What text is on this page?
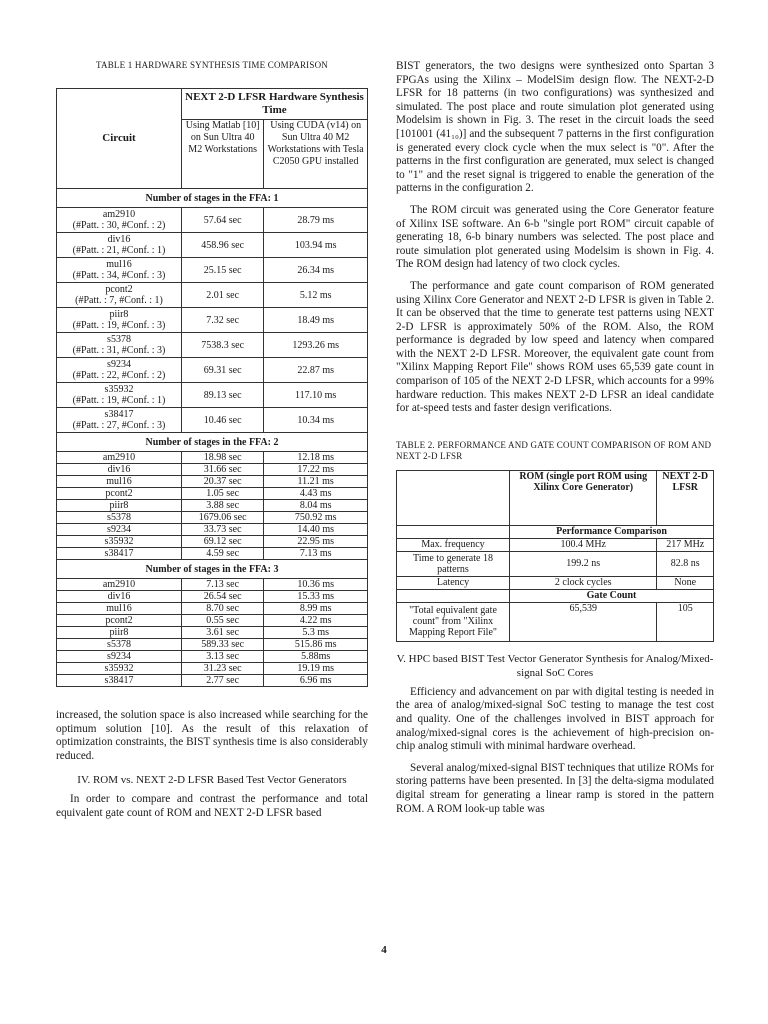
TABLE 1 HARDWARE SYNTHESIS TIME COMPARISON
Circuit	NEXT 2-D LFSR Hardware Synthesis Time	
	Using Matlab [10] on Sun Ultra 40 M2 Workstations	Using CUDA (v14) on Sun Ultra 40 M2 Workstations with Tesla C2050 GPU installed
Number of stages in the FFA: 1		

am2910
(#Patt. : 30, #Conf. : 2)	57.64 sec	28.79 ms

div16
(#Patt. : 21, #Conf. : 1)	458.96 sec	103.94 ms

mul16
(#Patt. : 34, #Conf. : 3)	25.15 sec	26.34 ms

pcont2
(#Patt. : 7, #Conf. : 1)	2.01 sec	5.12 ms

piir8
(#Patt. : 19, #Conf. : 3)	7.32 sec	18.49 ms

s5378
(#Patt. : 31, #Conf. : 3)	7538.3 sec	1293.26 ms

s9234
(#Patt. : 22, #Conf. : 2)	69.31 sec	22.87 ms

s35932
(#Patt. : 19, #Conf. : 1)	89.13 sec	117.10 ms

s38417
(#Patt. : 27, #Conf. : 3)	10.46 sec	10.34 ms
Number of stages in the FFA: 2		

am2910	18.98 sec	12.18 ms

div16	31.66 sec	17.22 ms

mul16	20.37 sec	11.21 ms

pcont2	1.05 sec	4.43 ms

piir8	3.88 sec	8.04 ms

s5378	1679.06 sec	750.92 ms

s9234	33.73 sec	14.40 ms

s35932	69.12 sec	22.95 ms

s38417	4.59 sec	7.13 ms
Number of stages in the FFA: 3		

am2910	7.13 sec	10.36 ms

div16	26.54 sec	15.33 ms

mul16	8.70 sec	8.99 ms

pcont2	0.55 sec	4.22 ms

piir8	3.61 sec	5.3 ms

s5378	589.33 sec	515.86 ms

s9234	3.13 sec	5.88ms

s35932	31.23 sec	19.19 ms

s38417	2.77 sec	6.96 ms

increased, the solution space is also increased while searching for the optimum solution [10]. As the result of this relaxation of optimization constraints, the BIST synthesis time is also considerably reduced.

IV. ROM vs. NEXT 2-D LFSR Based Test Vector Generators

In order to compare and contrast the performance and total equivalent gate count of ROM and NEXT 2-D LFSR based

BIST generators, the two designs were synthesized onto Spartan 3 FPGAs using the Xilinx – ModelSim design flow. The NEXT-2-D LFSR for 18 patterns (in two configurations) was synthesized and simulated. The post place and route simulation plot generated using Modelsim is shown in Fig. 3. The reset in the circuit loads the seed [101001 (41₁₀)] and the subsequent 7 patterns in the first configuration is generated every clock cycle when the mux select is "0". After the patterns in the first configuration are generated, mux select is changed to "1" and the reset signal is triggered to enable the generation of the patterns in the configuration 2.

The ROM circuit was generated using the Core Generator feature of Xilinx ISE software. An 6-b "single port ROM" circuit capable of generating 18, 6-b binary numbers was selected. The post place and route simulation plot generated using Modelsim is shown in Fig. 4. The ROM design had latency of two clock cycles.

The performance and gate count comparison of ROM generated using Xilinx Core Generator and NEXT 2-D LFSR is given in Table 2. It can be observed that the time to generate test patterns using NEXT 2-D LFSR is approximately 50% of the ROM. Also, the ROM performance is degraded by low speed and latency when compared with the NEXT 2-D LFSR. Moreover, the equivalent gate count from "Xilinx Mapping Report File" shows ROM uses 65,539 gate count in comparison of 105 of the NEXT 2-D LFSR, which accounts for a 99% hardware reduction. This makes NEXT 2-D LFSR an ideal candidate for at-speed tests and faster design verifications.

TABLE 2. PERFORMANCE AND GATE COUNT COMPARISON OF ROM AND NEXT 2-D LFSR
	ROM (single port ROM using Xilinx Core Generator)	NEXT 2-D LFSR
	Performance Comparison	
Max. frequency	100.4 MHz	217 MHz
Time to generate 18 patterns	199.2 ns	82.8 ns
Latency	2 clock cycles	None
	Gate Count	
"Total equivalent gate count" from "Xilinx Mapping Report File"	65,539	105
V. HPC based BIST Test Vector Generator Synthesis for Analog/Mixed-signal SoC Cores

Efficiency and advancement on par with digital testing is needed in the area of analog/mixed-signal SoC testing to manage the test cost and quality. One of the challenges involved in BIST approach for analog/mixed-signal cores is the achievement of high-precision on-chip analog stimuli with minimal hardware overhead.

Several analog/mixed-signal BIST techniques that utilize ROMs for storing patterns have been presented. In [3] the delta-sigma modulated digital stream for generating a linear ramp is stored in the pattern ROM. A ROM look-up table was

4
